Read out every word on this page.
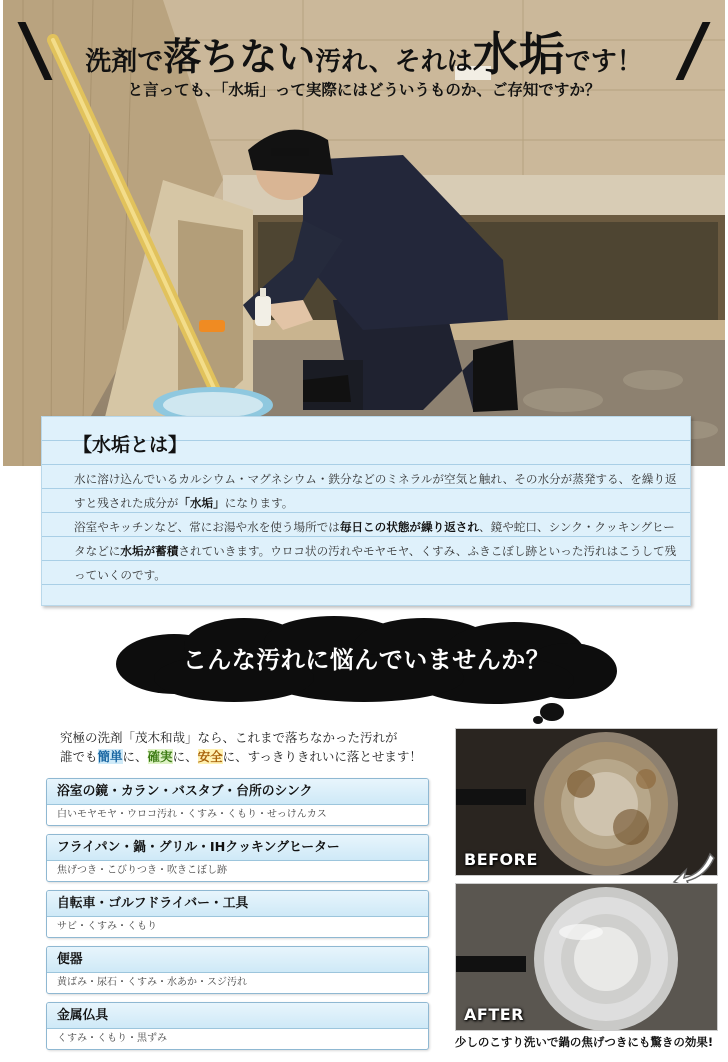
洗剤で落ちない汚れ、それは水垢です！
と言っても、「水垢」って実際にはどういうものか、ご存知ですか？
【水垢とは】
水に溶け込んでいるカルシウム・マグネシウム・鉄分などのミネラルが空気と触れ、その水分が蒸発する、を繰り返すと残された成分が「水垢」になります。
浴室やキッチンなど、常にお湯や水を使う場所では毎日この状態が繰り返され、鏡や蛇口、シンク・クッキングヒータなどに水垢が蓄積されていきます。ウロコ状の汚れやモヤモヤ、くすみ、ふきこぼし跡といった汚れはこうして残っていくのです。
こんな汚れに悩んでいませんか？
究極の洗剤「茂木和哉」なら、これまで落ちなかった汚れが
誰でも簡単に、確実に、安全に、すっきりきれいに落とせます！
浴室の鏡・カラン・バスタブ・台所のシンク
白いモヤモヤ・ウロコ汚れ・くすみ・くもり・せっけんカス
フライパン・鍋・グリル・IHクッキングヒーター
焦げつき・こびりつき・吹きこぼし跡
自転車・ゴルフドライバー・工具
サビ・くすみ・くもり
便器
黄ばみ・尿石・くすみ・水あか・スジ汚れ
金属仏具
くすみ・くもり・黒ずみ
BEFORE
AFTER
少しのこすり洗いで鍋の焦げつきにも驚きの効果!
